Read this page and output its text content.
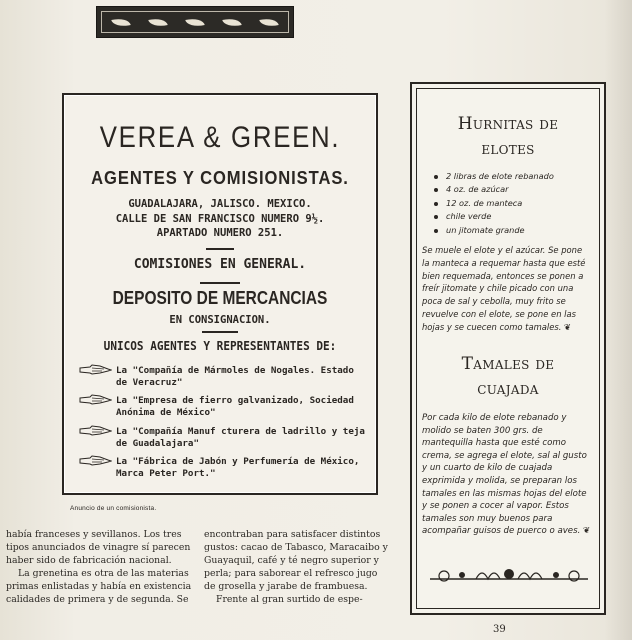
VEREA & GREEN.
AGENTES Y COMISIONISTAS.
GUADALAJARA, JALISCO. MEXICO.
CALLE DE SAN FRANCISCO NUMERO 9½.
APARTADO NUMERO 251.
COMISIONES EN GENERAL.
DEPOSITO DE MERCANCIAS
EN CONSIGNACION.
UNICOS AGENTES Y REPRESENTANTES DE:
La "Compañía de Mármoles de Nogales. Estado de Veracruz"
La "Empresa de fierro galvanizado, Sociedad Anónima de México"
La "Compañía Manuf cturera de ladrillo y teja de Guadalajara"
La "Fábrica de Jabón y Perfumería de México, Marca Peter Port."
Anuncio de un comisionista.

había franceses y sevillanos. Los tres tipos anunciados de vinagre sí parecen haber sido de fabricación nacional.

La grenetina es otra de las materias primas enlistadas y había en existencia calidades de primera y de segunda. Se

encontraban para satisfacer distintos gustos: cacao de Tabasco, Maracaibo y Guayaquil, café y té negro superior y perla; para saborear el refresco jugo de grosella y jarabe de frambuesa.

Frente al gran surtido de espe-

Hurnitas de
elotes
2 libras de elote rebanado
4 oz. de azúcar
12 oz. de manteca
chile verde
un jitomate grande

Se muele el elote y el azúcar. Se pone la manteca a requemar hasta que esté bien requemada, entonces se ponen a freír jitomate y chile picado con una poca de sal y cebolla, muy frito se revuelve con el elote, se pone en las hojas y se cuecen como tamales. ❦

Tamales de
cuajada

Por cada kilo de elote rebanado y molido se baten 300 grs. de mantequilla hasta que esté como crema, se agrega el elote, sal al gusto y un cuarto de kilo de cuajada exprimida y molida, se preparan los tamales en las mismas hojas del elote y se ponen a cocer al vapor. Estos tamales son muy buenos para acompañar guisos de puerco o aves. ❦

39
